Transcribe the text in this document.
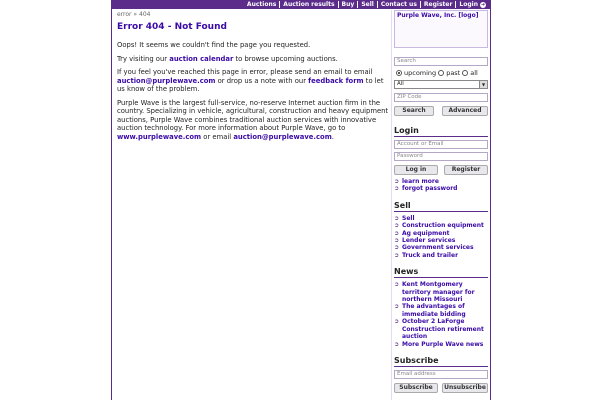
Auctions	Auction results	Buy	Sell	Contact us	Register	Login ➜
error » 404
Error 404 - Not Found

Oops! It seems we couldn't find the page you requested.

Try visiting our auction calendar to browse upcoming auctions.

If you feel you've reached this page in error, please send an email to email auction@purplewave.com or drop us a note with our feedback form to let us know of the problem.

Purple Wave is the largest full-service, no-reserve Internet auction firm in the country. Specializing in vehicle, agricultural, construction and heavy equipment auctions, Purple Wave combines traditional auction services with innovative auction technology. For more information about Purple Wave, go to www.purplewave.com or email auction@purplewave.com.

Purple Wave, Inc. [logo]
Search
upcoming past all
All	▼
ZIP Code
Search	Advanced
Login
Account or Email
Password
Log in	Register
➲ learn more
➲ forgot password
Sell
➲ Sell
➲ Construction equipment
➲ Ag equipment
➲ Lender services
➲ Government services
➲ Truck and trailer
News
➲ Kent Montgomery territory manager for northern Missouri
➲ The advantages of immediate bidding
➲ October 2 LaForge Construction retirement auction
➲ More Purple Wave news
Subscribe
Email address
Subscribe	Unsubscribe
